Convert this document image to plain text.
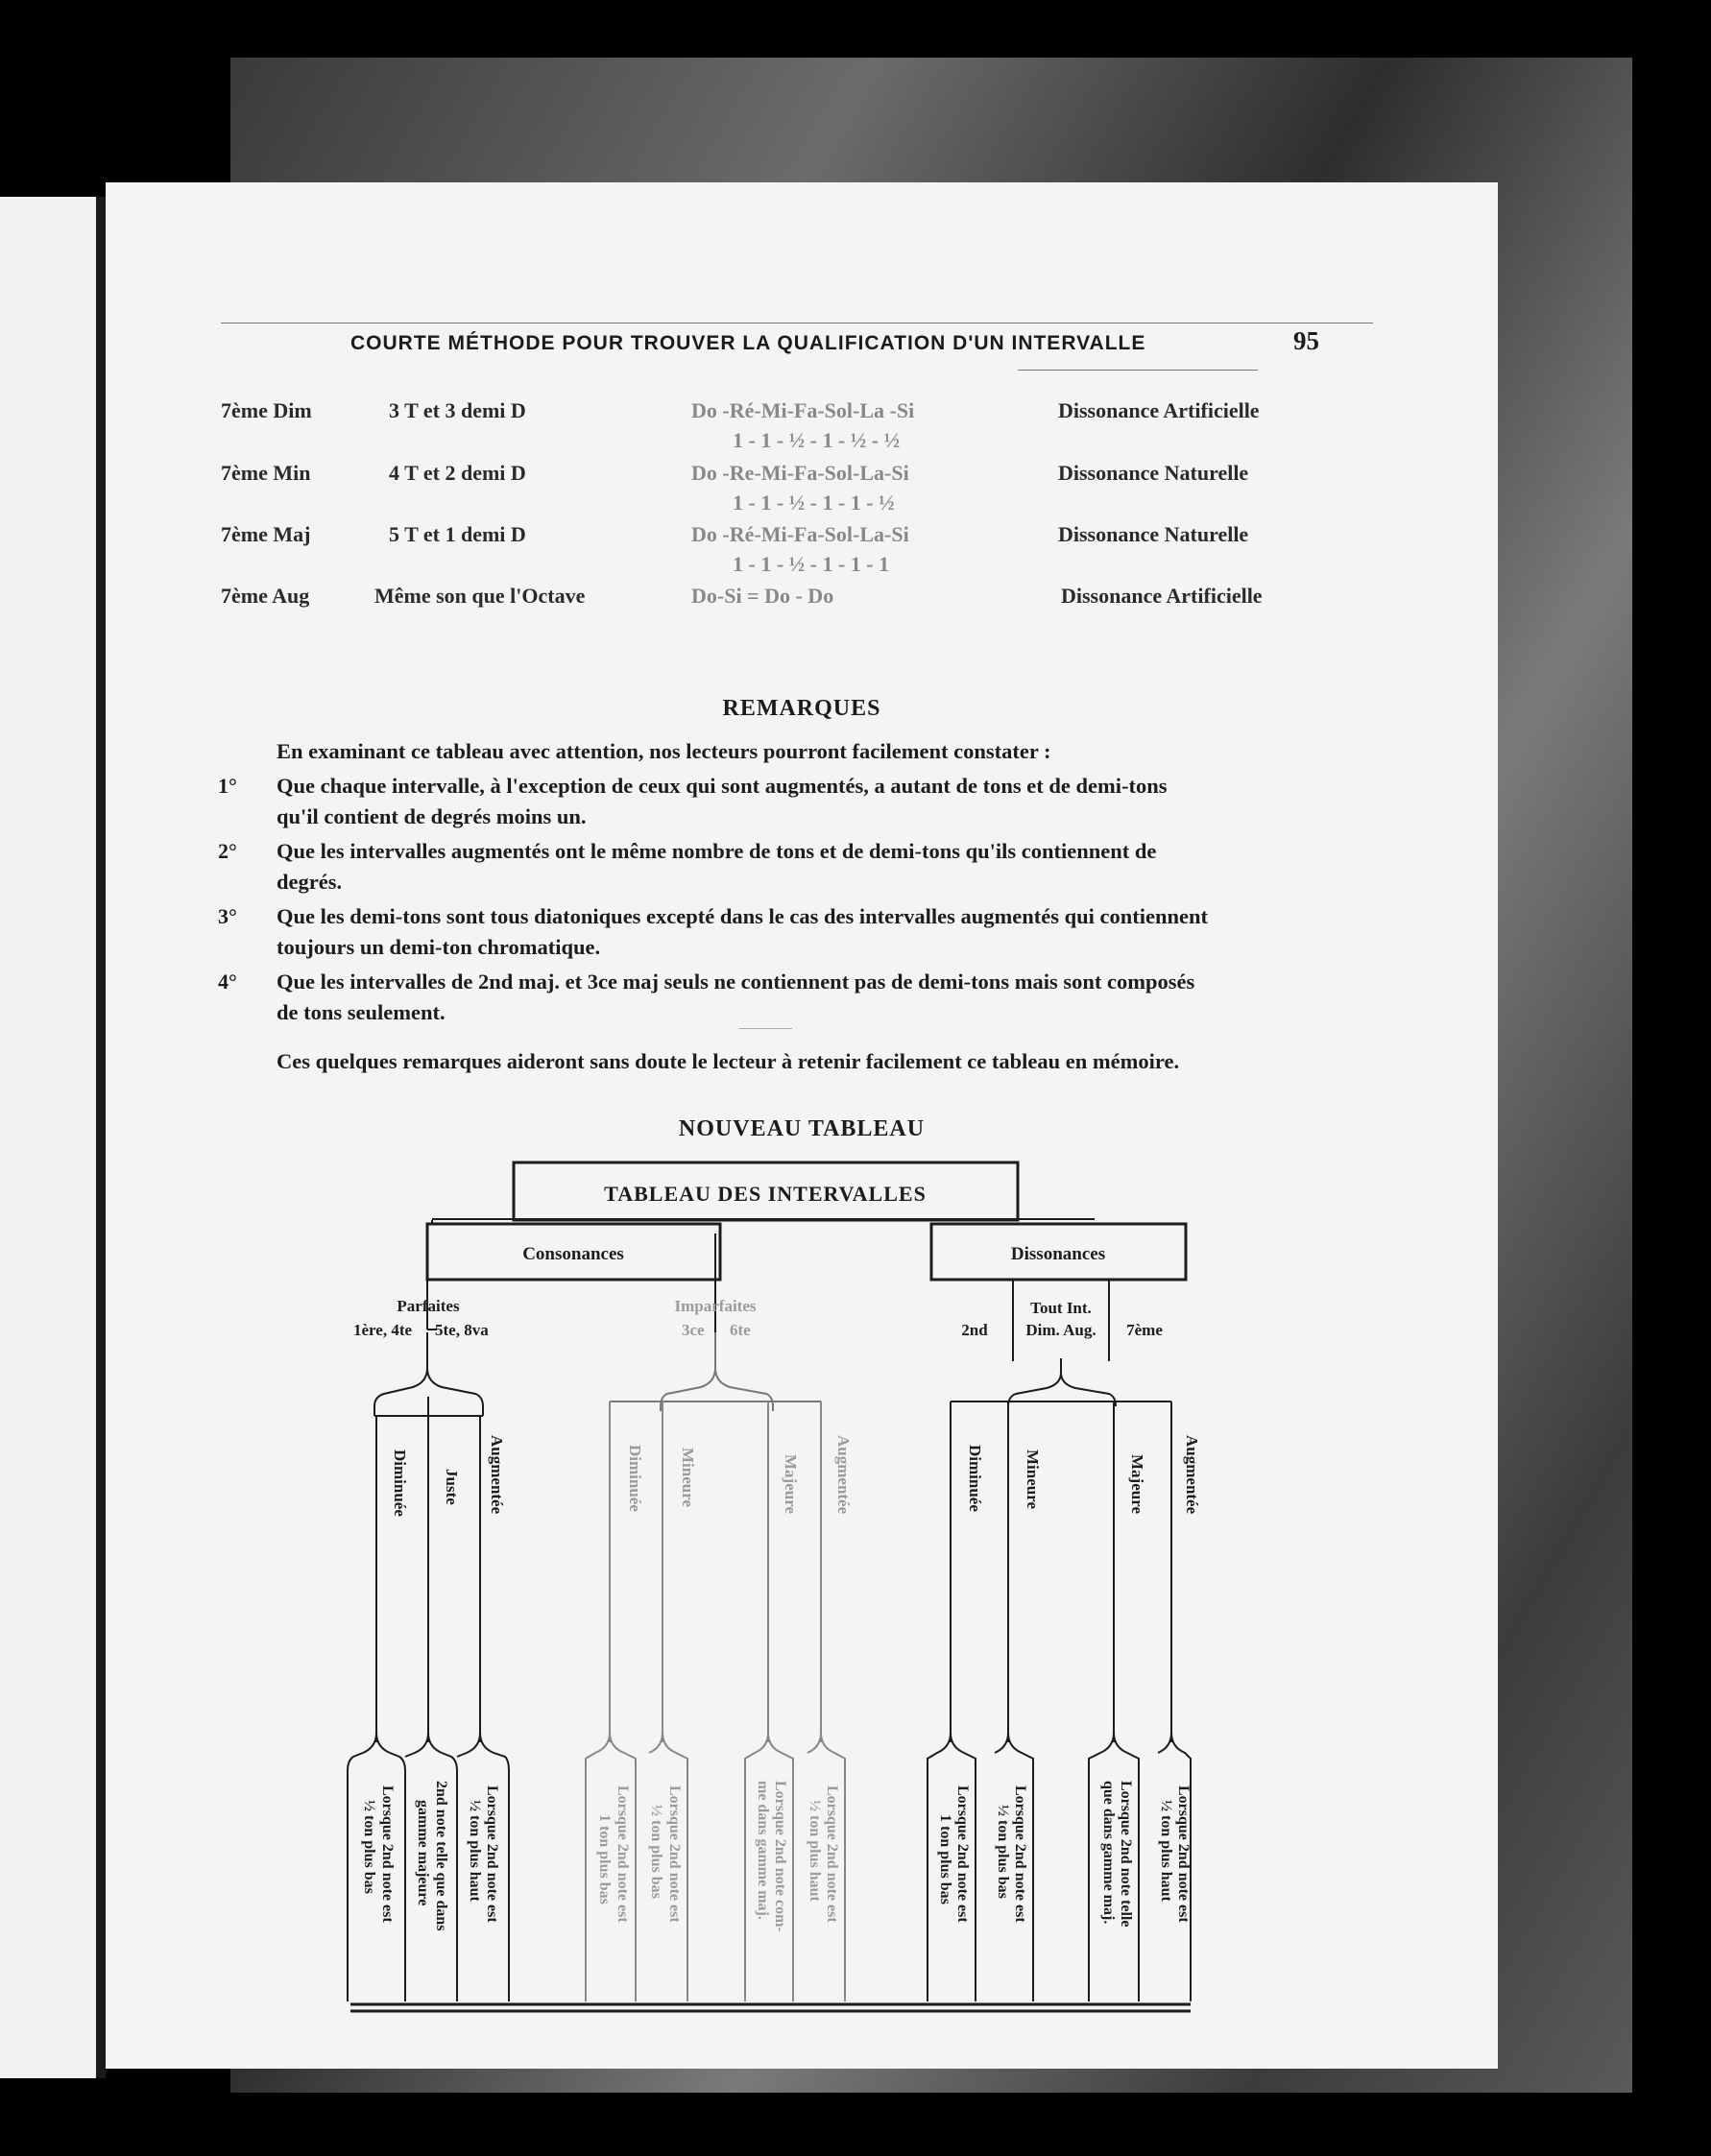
COURTE MÉTHODE POUR TROUVER LA QUALIFICATION D'UN INTERVALLE	95
7ème Dim	3 T et 3 demi D	Do -Ré-Mi-Fa-Sol-La -Si
1 - 1 - ½ - 1 - ½ - ½
Dissonance Artificielle
7ème Min	4 T et 2 demi D	Do -Re-Mi-Fa-Sol-La-Si
1 - 1 - ½ - 1 - 1 - ½
Dissonance Naturelle
7ème Maj	5 T et 1 demi D	Do -Ré-Mi-Fa-Sol-La-Si
1 - 1 - ½ - 1 - 1 - 1
Dissonance Naturelle
7ème Aug	Même son que l'Octave	Do-Si = Do - Do	Dissonance Artificielle
REMARQUES
En examinant ce tableau avec attention, nos lecteurs pourront facilement constater :
1° Que chaque intervalle, à l'exception de ceux qui sont augmentés, a autant de tons et de demi-tons
qu'il contient de degrés moins un.
2° Que les intervalles augmentés ont le même nombre de tons et de demi-tons qu'ils contiennent de
degrés.
3° Que les demi-tons sont tous diatoniques excepté dans le cas des intervalles augmentés qui contiennent
toujours un demi-ton chromatique.
4° Que les intervalles de 2nd maj. et 3ce maj seuls ne contiennent pas de demi-tons mais sont composés
de tons seulement.
Ces quelques remarques aideront sans doute le lecteur à retenir facilement ce tableau en mémoire.
NOUVEAU TABLEAU
TABLEAU DES INTERVALLES
Consonances	Dissonances
Parfaites
1ère, 4te 5te, 8va
Imparfaites
3ce 6te
Tout Int.
Dim. Aug.
2nd	7ème
Diminuée Juste Augmentée	Diminuée Mineure	Majeure Augmentée	Diminuée Mineure	Majeure Augmentée
Lorsque 2nd note est
½ ton plus bas	2nd note telle que dans
gamme majeure	Lorsque 2nd note est
½ ton plus haut	Lorsque 2nd note est
1 ton plus bas	Lorsque 2nd note est
½ ton plus bas	Lorsque 2nd note com-
me dans gamme maj.	Lorsque 2nd note est
½ ton plus haut	Lorsque 2nd note est
1 ton plus bas	Lorsque 2nd note est
½ ton plus bas	Lorsque 2nd note telle
que dans gamme maj.	Lorsque 2nd note est
½ ton plus haut
